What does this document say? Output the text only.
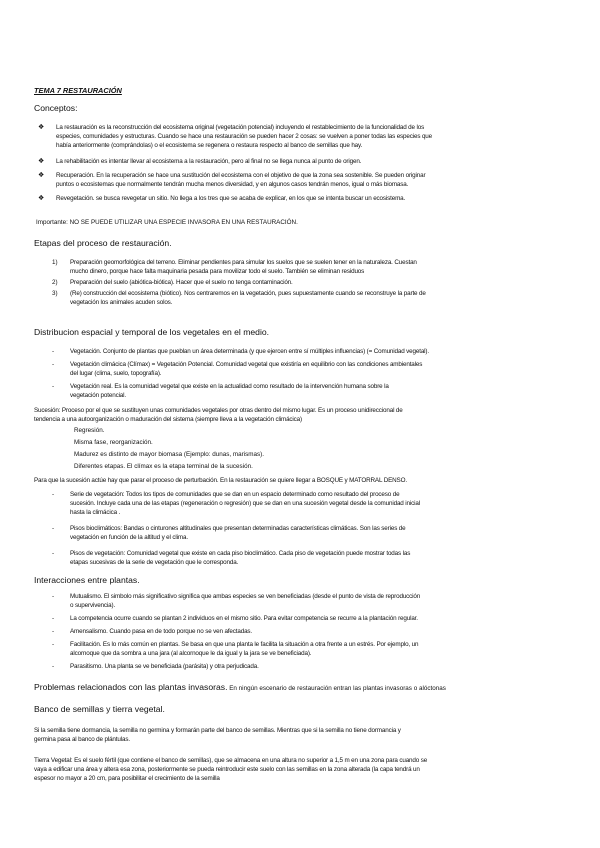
TEMA 7 RESTAURACIÓN
Conceptos:
❖ La restauración es la reconstrucción del ecosistema original (vegetación potencial) incluyendo el restablecimiento de la funcionalidad de los
especies, comunidades y estructuras. Cuando se hace una restauración se pueden hacer 2 cosas: se vuelven a poner todas las especies que
había anteriormente (comprándolas) o el ecosistema se regenera o restaura respecto al banco de semillas que hay.
❖ La rehabilitación es intentar llevar al ecosistema a la restauración, pero al final no se llega nunca al punto de origen.
❖ Recuperación. En la recuperación se hace una sustitución del ecosistema con el objetivo de que la zona sea sostenible. Se pueden originar
puntos o ecosistemas que normalmente tendrán mucha menos diversidad, y en algunos casos tendrán menos, igual o más biomasa.
❖ Revegetación. se busca revegetar un sitio. No llega a los tres que se acaba de explicar, en los que se intenta buscar un ecosistema.
Importante: NO SE PUEDE UTILIZAR UNA ESPECIE INVASORA EN UNA RESTAURACIÓN.
Etapas del proceso de restauración.
1) Preparación geomorfológica del terreno. Eliminar pendientes para simular los suelos que se suelen tener en la naturaleza. Cuestan
mucho dinero, porque hace falta maquinaria pesada para movilizar todo el suelo. También se eliminan residuos
2) Preparación del suelo (abiótica-biótica). Hacer que el suelo no tenga contaminación.
3) (Re) construcción del ecosistema (biótico). Nos centraremos en la vegetación, pues supuestamente cuando se reconstruye la parte de
vegetación los animales acuden solos.
Distribucion espacial y temporal de los vegetales en el medio.
-	Vegetación. Conjunto de plantas que pueblan un área determinada (y que ejercen entre sí múltiples influencias) (= Comunidad vegetal).
-	Vegetación climácica (Clímax) = Vegetación Potencial. Comunidad vegetal que existiría en equilibrio con las condiciones ambientales
del lugar (clima, suelo, topografía).
-	Vegetación real. Es la comunidad vegetal que existe en la actualidad como resultado de la intervención humana sobre la
vegetación potencial.
Sucesión: Proceso por el que se sustituyen unas comunidades vegetales por otras dentro del mismo lugar. Es un proceso unidireccional de
tendencia a una autoorganización o maduración del sistema (siempre lleva a la vegetación climácica)
Regresión.
Misma fase, reorganización.
Madurez es distinto de mayor biomasa (Ejemplo: dunas, marismas).
Diferentes etapas. El clímax es la etapa terminal de la sucesión.
Para que la sucesión actúe hay que parar el proceso de perturbación. En la restauración se quiere llegar a BOSQUE y MATORRAL DENSO.
-	Serie de vegetación: Todos los tipos de comunidades que se dan en un espacio determinado como resultado del proceso de
sucesión. Incluye cada una de las etapas (regeneración o regresión) que se dan en una sucesión vegetal desde la comunidad inicial
hasta la climácica .
-	Pisos bioclimáticos: Bandas o cinturones altitudinales que presentan determinadas características climáticas. Son las series de
vegetación en función de la altitud y el clima.
-	Pisos de vegetación: Comunidad vegetal que existe en cada piso bioclimático. Cada piso de vegetación puede mostrar todas las
etapas sucesivas de la serie de vegetación que le corresponda.
Interacciones entre plantas.
-	Mutualismo. El simbolo más significativo significa que ambas especies se ven beneficiadas (desde el punto de vista de reproducción
o supervivencia).
-	La competencia ocurre cuando se plantan 2 individuos en el mismo sitio. Para evitar competencia se recurre a la plantación regular.
-	Amensalismo. Cuando pasa en de todo porque no se ven afectadas.
-	Facilitación. Es lo más común en plantas. Se basa en que una planta le facilita la situación a otra frente a un estrés. Por ejemplo, un
alcornoque que da sombra a una jara (al alcornoque le da igual y la jara se ve beneficiada).
-	Parasitismo. Una planta se ve beneficiada (parásita) y otra perjudicada.
Problemas relacionados con las plantas invasoras. En ningún escenario de restauración entran las plantas invasoras o alóctonas
Banco de semillas y tierra vegetal.
Si la semilla tiene dormancia, la semilla no germina y formarán parte del banco de semillas. Mientras que si la semilla no tiene dormancia y
germina pasa al banco de plántulas.
Tierra Vegetal: Es el suelo fértil (que contiene el banco de semillas), que se almacena en una altura no superior a 1,5 m en una zona para cuando se
vaya a edificar una área y altera esa zona, posteriormente se pueda reintroducir este suelo con las semillas en la zona alterada (la capa tendrá un
espesor no mayor a 20 cm, para posibilitar el crecimiento de la semilla
